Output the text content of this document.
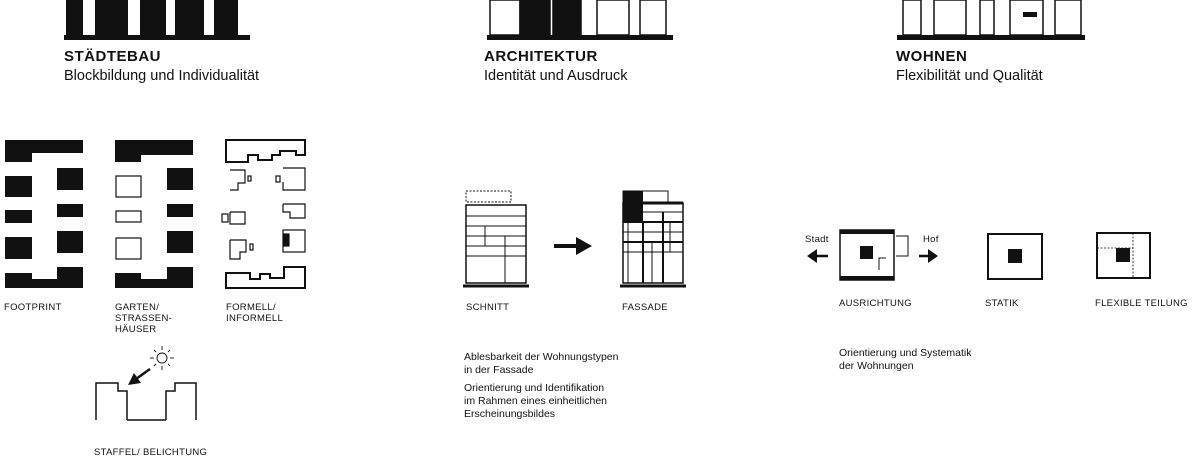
STÄDTEBAU
Blockbildung und Individualität
ARCHITEKTUR
Identität und Ausdruck
WOHNEN
Flexibilität und Qualität
FOOTPRINT	GARTEN/
STRASSEN-
HÄUSER
FORMELL/
INFORMELL
STAFFEL/ BELICHTUNG
SCHNITT	FASSADE
Ablesbarkeit der Wohnungstypen
in der Fassade
Orientierung und Identifikation
im Rahmen eines einheitlichen
Erscheinungsbildes
Stadt	Hof
AUSRICHTUNG	STATIK	FLEXIBLE TEILUNG
Orientierung und Systematik
der Wohnungen
